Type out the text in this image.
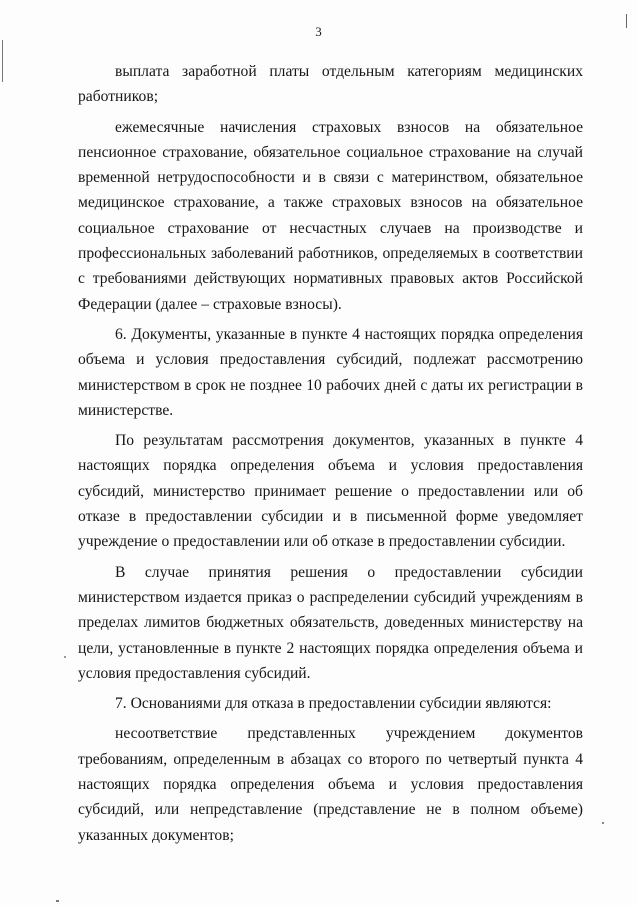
3

выплата заработной платы отдельным категориям медицинских работников;

ежемесячные начисления страховых взносов на обязательное пенсионное страхование, обязательное социальное страхование на случай временной нетрудоспособности и в связи с материнством, обязательное медицинское страхование, а также страховых взносов на обязательное социальное страхование от несчастных случаев на производстве и профессиональных заболеваний работников, определяемых в соответствии с требованиями действующих нормативных правовых актов Российской Федерации (далее – страховые взносы).

6. Документы, указанные в пункте 4 настоящих порядка определения объема и условия предоставления субсидий, подлежат рассмотрению министерством в срок не позднее 10 рабочих дней с даты их регистрации в министерстве.

По результатам рассмотрения документов, указанных в пункте 4 настоящих порядка определения объема и условия предоставления субсидий, министерство принимает решение о предоставлении или об отказе в предоставлении субсидии и в письменной форме уведомляет учреждение о предоставлении или об отказе в предоставлении субсидии.

В случае принятия решения о предоставлении субсидии министерством издается приказ о распределении субсидий учреждениям в пределах лимитов бюджетных обязательств, доведенных министерству на цели, установленные в пункте 2 настоящих порядка определения объема и условия предоставления субсидий.

7. Основаниями для отказа в предоставлении субсидии являются:

несоответствие представленных учреждением документов требованиям, определенным в абзацах со второго по четвертый пункта 4 настоящих порядка определения объема и условия предоставления субсидий, или непредставление (представление не в полном объеме) указанных документов;
